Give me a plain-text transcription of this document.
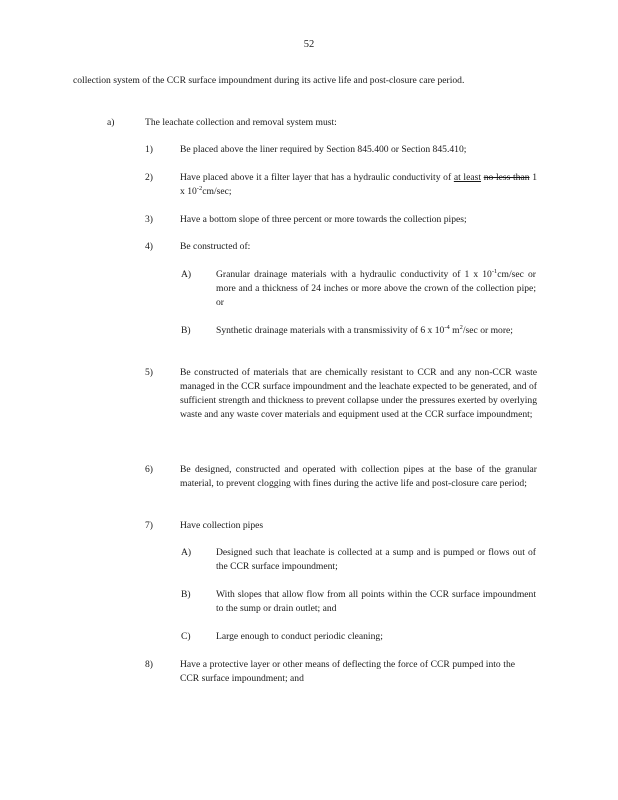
52
collection system of the CCR surface impoundment during its active life and post-closure care period.
a)	The leachate collection and removal system must:
1)	Be placed above the liner required by Section 845.400 or Section 845.410;
2)	Have placed above it a filter layer that has a hydraulic conductivity of at least no less than 1 x $10^{-2}cm/\sec$;
3)	Have a bottom slope of three percent or more towards the collection pipes;
4)	Be constructed of:
A)	Granular drainage materials with a hydraulic conductivity of 1 x $10^{-1}cm/\sec$ or more and a thickness of 24 inches or more above the crown of the collection pipe; or
B)	Synthetic drainage materials with a transmissivity of 6 x $10^{-4}$ $m^2/\sec$ or more;
5)	Be constructed of materials that are chemically resistant to CCR and any non-CCR waste managed in the CCR surface impoundment and the leachate expected to be generated, and of sufficient strength and thickness to prevent collapse under the pressures exerted by overlying waste and any waste cover materials and equipment used at the CCR surface impoundment;
6)	Be designed, constructed and operated with collection pipes at the base of the granular material, to prevent clogging with fines during the active life and post-closure care period;
7)	Have collection pipes
A)	Designed such that leachate is collected at a sump and is pumped or flows out of the CCR surface impoundment;
B)	With slopes that allow flow from all points within the CCR surface impoundment to the sump or drain outlet; and
C)	Large enough to conduct periodic cleaning;
8)	Have a protective layer or other means of deflecting the force of CCR pumped into the CCR surface impoundment; and
